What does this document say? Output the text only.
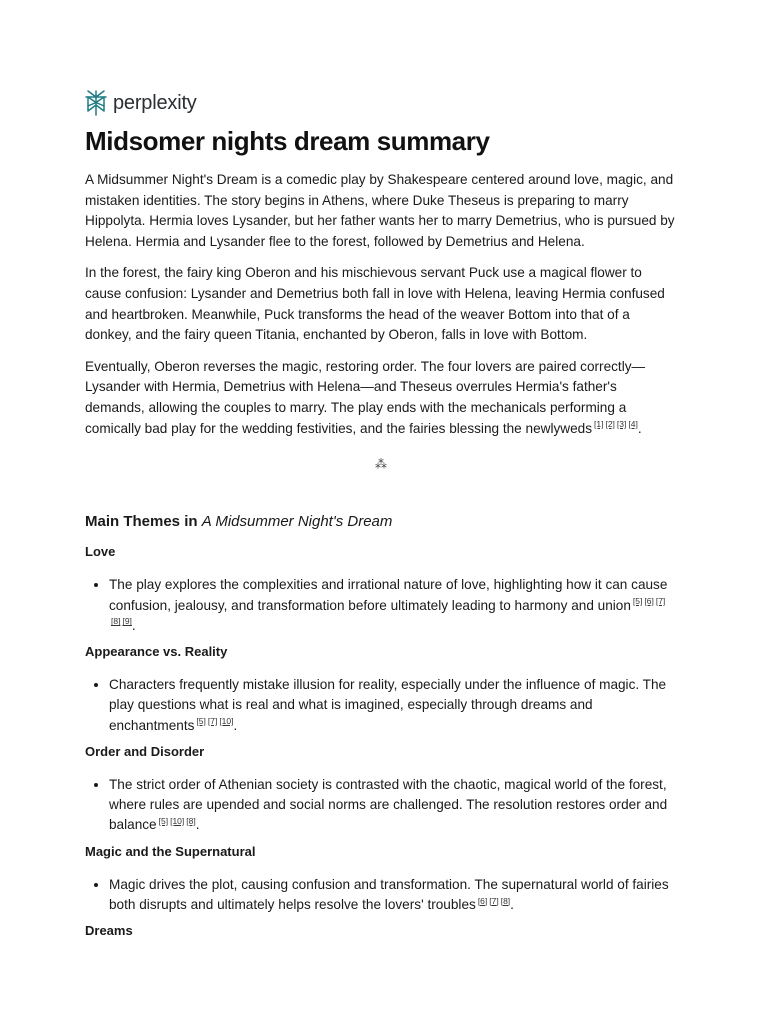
perplexity
Midsomer nights dream summary

A Midsummer Night's Dream is a comedic play by Shakespeare centered around love, magic, and mistaken identities. The story begins in Athens, where Duke Theseus is preparing to marry Hippolyta. Hermia loves Lysander, but her father wants her to marry Demetrius, who is pursued by Helena. Hermia and Lysander flee to the forest, followed by Demetrius and Helena.

In the forest, the fairy king Oberon and his mischievous servant Puck use a magical flower to cause confusion: Lysander and Demetrius both fall in love with Helena, leaving Hermia confused and heartbroken. Meanwhile, Puck transforms the head of the weaver Bottom into that of a donkey, and the fairy queen Titania, enchanted by Oberon, falls in love with Bottom.

Eventually, Oberon reverses the magic, restoring order. The four lovers are paired correctly—Lysander with Hermia, Demetrius with Helena—and Theseus overrules Hermia's father's demands, allowing the couples to marry. The play ends with the mechanicals performing a comically bad play for the wedding festivities, and the fairies blessing the newlyweds [1] [2] [3] [4].

⁂
Main Themes in A Midsummer Night's Dream
Love
• The play explores the complexities and irrational nature of love, highlighting how it can cause confusion, jealousy, and transformation before ultimately leading to harmony and union [5] [6] [7][8] [9].
Appearance vs. Reality
• Characters frequently mistake illusion for reality, especially under the influence of magic. The play questions what is real and what is imagined, especially through dreams and enchantments [5] [7] [10].
Order and Disorder
• The strict order of Athenian society is contrasted with the chaotic, magical world of the forest, where rules are upended and social norms are challenged. The resolution restores order and balance [5] [10] [8].
Magic and the Supernatural
• Magic drives the plot, causing confusion and transformation. The supernatural world of fairies both disrupts and ultimately helps resolve the lovers' troubles [6] [7] [8].
Dreams
